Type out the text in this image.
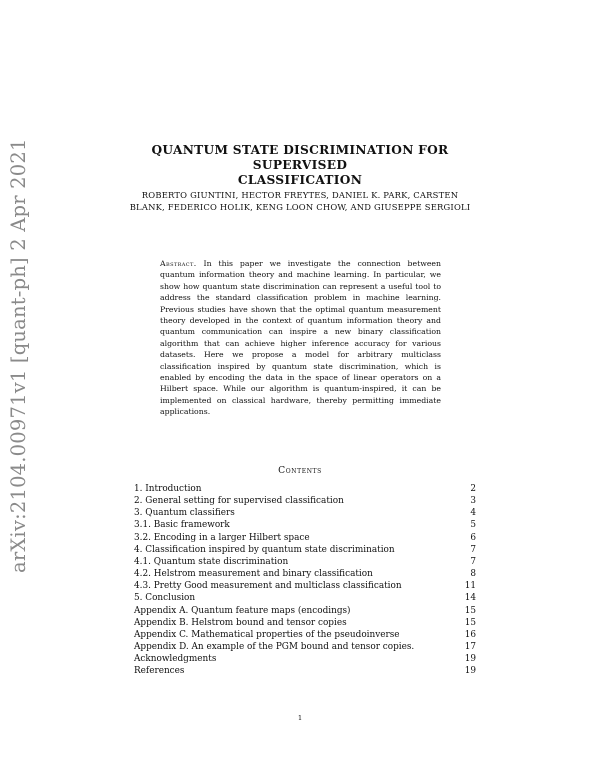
arXiv:2104.00971v1 [quant-ph] 2 Apr 2021	QUANTUM STATE DISCRIMINATION FOR SUPERVISED
CLASSIFICATION
ROBERTO GIUNTINI, HECTOR FREYTES, DANIEL K. PARK, CARSTEN
BLANK, FEDERICO HOLIK, KENG LOON CHOW, AND GIUSEPPE SERGIOLI
Abstract. In this paper we investigate the connection between quantum information theory and machine learning. In particular, we show how quantum state discrimination can represent a useful tool to address the standard classification problem in machine learning. Previous studies have shown that the optimal quantum measurement theory developed in the context of quantum information theory and quantum communication can inspire a new binary classification algorithm that can achieve higher inference accuracy for various datasets. Here we propose a model for arbitrary multiclass classification inspired by quantum state discrimination, which is enabled by encoding the data in the space of linear operators on a Hilbert space. While our algorithm is quantum-inspired, it can be implemented on classical hardware, thereby permitting immediate applications.
Contents
1. Introduction	2
2. General setting for supervised classification	3
3. Quantum classifiers	4
3.1. Basic framework	5
3.2. Encoding in a larger Hilbert space	6
4. Classification inspired by quantum state discrimination	7
4.1. Quantum state discrimination	7
4.2. Helstrom measurement and binary classification	8
4.3. Pretty Good measurement and multiclass classification	11
5. Conclusion	14
Appendix A. Quantum feature maps (encodings)	15
Appendix B. Helstrom bound and tensor copies	15
Appendix C. Mathematical properties of the pseudoinverse	16
Appendix D. An example of the PGM bound and tensor copies.	17
Acknowledgments	19
References	19
1
